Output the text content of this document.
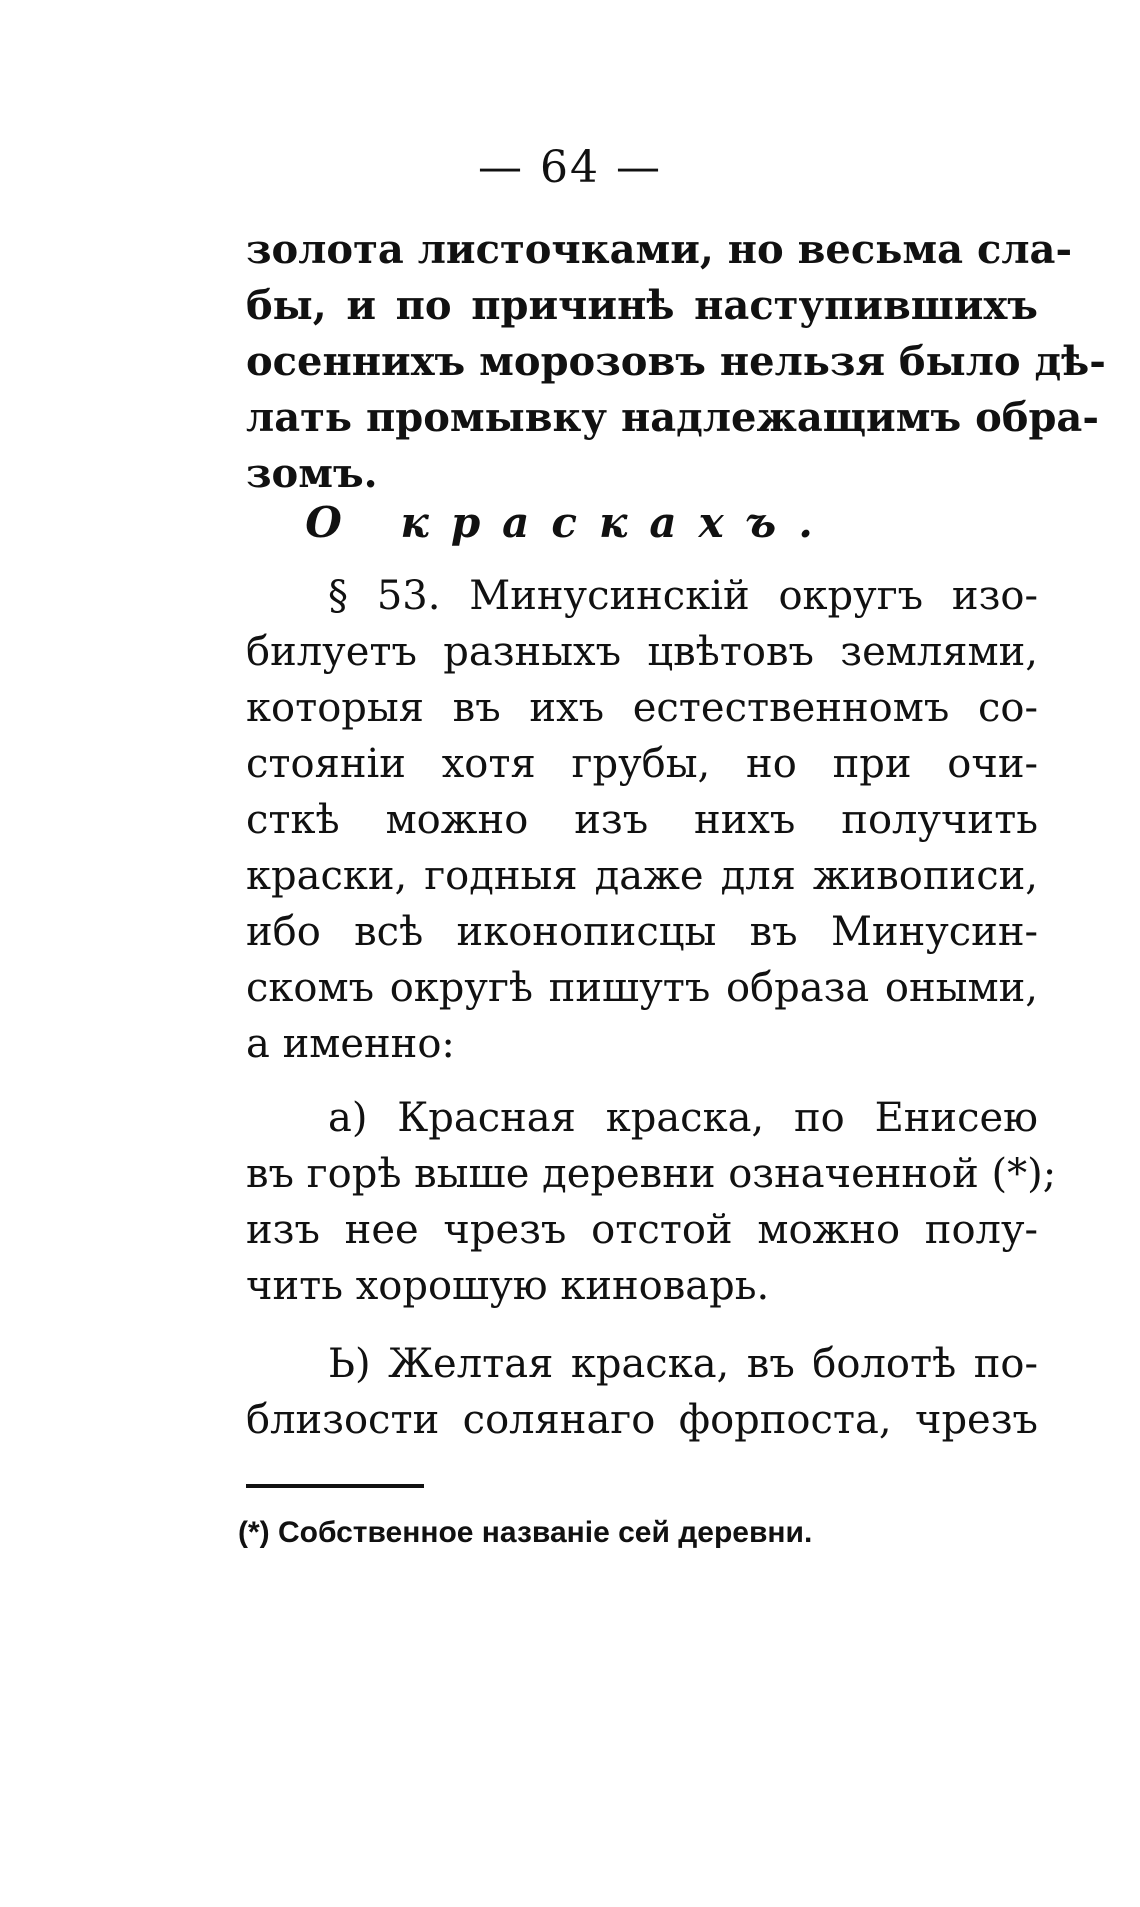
— 64 —
золота листочками, но весьма сла-
бы, и по причинѣ наступившихъ
осеннихъ морозовъ нельзя было дѣ-
лать промывку надлежащимъ обра-
зомъ.
О краскахъ.
§ 53. Минусинскій округъ изо-
билуетъ разныхъ цвѣтовъ землями,
которыя въ ихъ естественномъ со-
стояніи хотя грубы, но при очи-
сткѣ можно изъ нихъ получить
краски, годныя даже для живописи,
ибо всѣ иконописцы въ Минусин-
скомъ округѣ пишутъ образа оными,
а именно:
а) Красная краска, по Енисею
въ горѣ выше деревни означенной (*);
изъ нее чрезъ отстой можно полу-
чить хорошую киноварь.
Ь) Желтая краска, въ болотѣ по-
близости солянаго форпоста, чрезъ
(*) Собственное названіе сей деревни.
